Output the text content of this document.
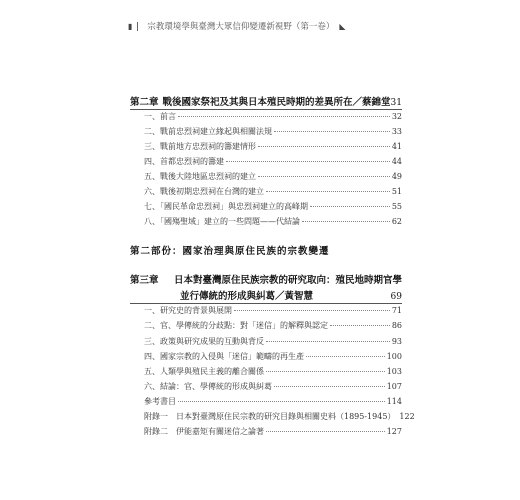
▮ 宗教環境學與臺灣大眾信仰變遷新視野（第一卷） ◣
第二章 戰後國家祭祀及其與日本殖民時期的差異所在／蔡錦堂 31
一、前言	32
二、戰前忠烈祠建立緣起與相關法規	33
三、戰前地方忠烈祠的籌建情形	41
四、首都忠烈祠的籌建	44
五、戰後大陸地區忠烈祠的建立	49
六、戰後初期忠烈祠在台灣的建立	51
七、「國民革命忠烈祠」與忠烈祠建立的高峰期	55
八、「國殤聖域」建立的一些問題——代結論	62
第二部份：國家治理與原住民族的宗教變遷
第三章	日本對臺灣原住民族宗教的研究取向：殖民地時期官學
並行傳統的形成與糾葛／黃智慧	69
一、研究史的背景與展開	71
二、官、學傳統的分歧點：對「迷信」的解釋與認定	86
三、政策與研究成果的互動與背反	93
四、國家宗教的入侵與「迷信」範疇的再生產	100
五、人類學與殖民主義的離合關係	103
六、結論：官、學傳統的形成與糾葛	107
參考書目	114
附錄一　日本對臺灣原住民宗教的研究目錄與相關史料（1895-1945） 122
附錄二　伊能嘉矩有關迷信之論著	127
